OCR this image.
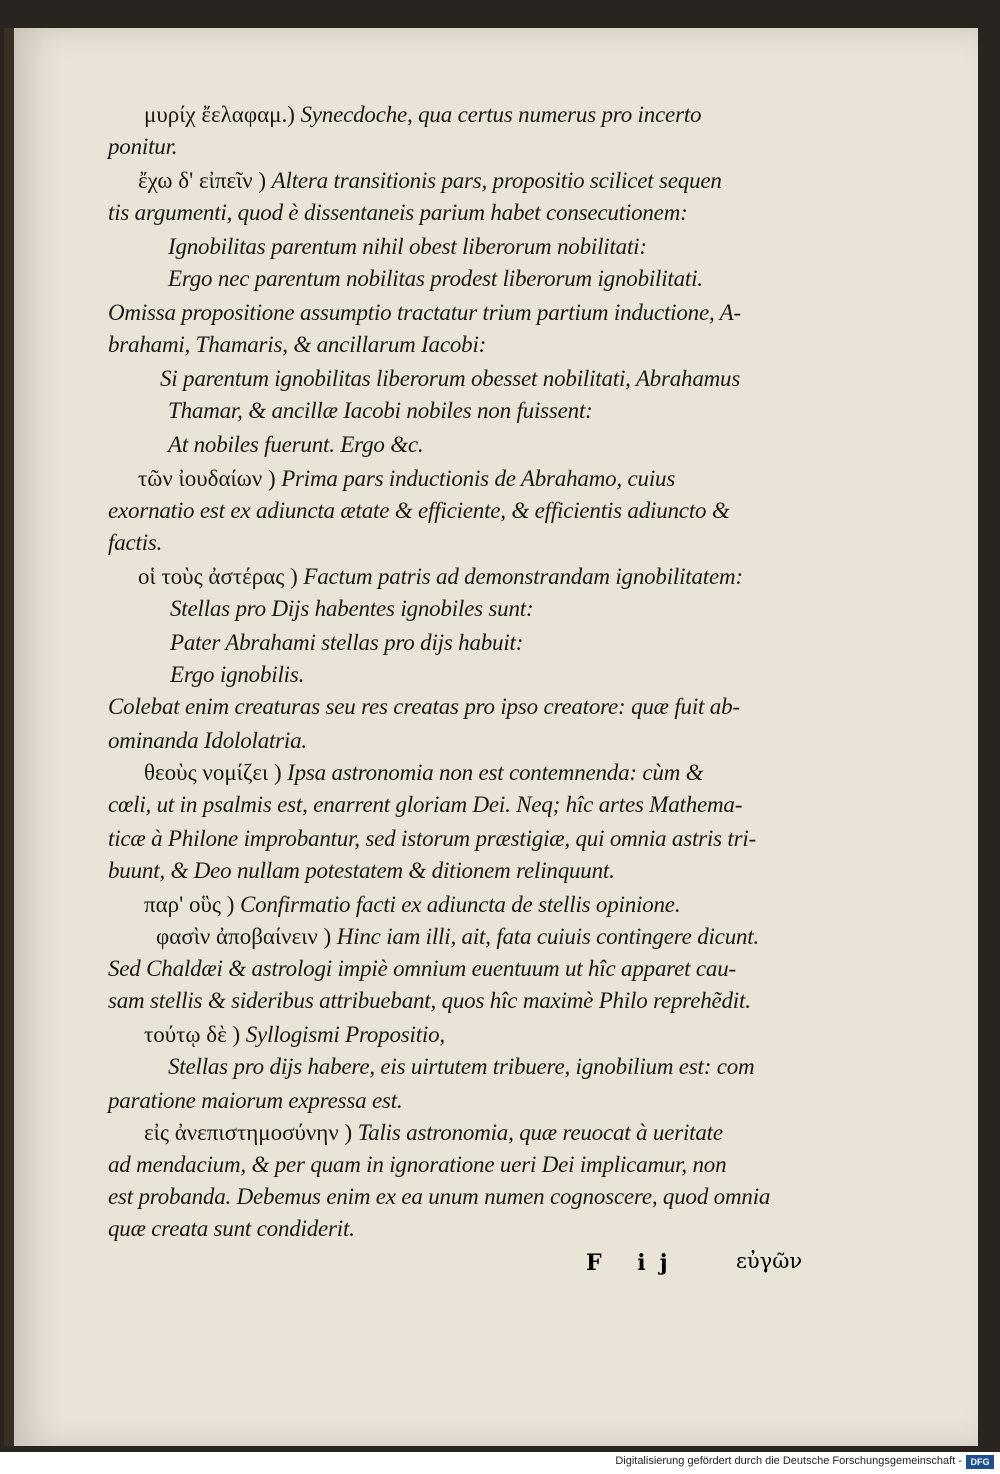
μυρίχ ἔελαφαμ.) Synecdoche, qua certus numerus pro incerto
ponitur.
ἔχω δ' εἰπεῖν ) Altera transitionis pars, propositio scilicet sequen
tis argumenti, quod è dissentaneis parium habet consecutionem:
Ignobilitas parentum nihil obest liberorum nobilitati:
Ergo nec parentum nobilitas prodest liberorum ignobilitati.
Omissa propositione assumptio tractatur trium partium inductione, A-
brahami, Thamaris, & ancillarum Iacobi:
Si parentum ignobilitas liberorum obesset nobilitati, Abrahamus
Thamar, & ancillæ Iacobi nobiles non fuissent:
At nobiles fuerunt. Ergo &c.
τῶν ἰουδαίων ) Prima pars inductionis de Abrahamo, cuius
exornatio est ex adiuncta ætate & efficiente, & efficientis adiuncto &
factis.
οἱ τοὺς ἀστέρας ) Factum patris ad demonstrandam ignobilitatem:
Stellas pro Dijs habentes ignobiles sunt:
Pater Abrahami stellas pro dijs habuit:
Ergo ignobilis.
Colebat enim creaturas seu res creatas pro ipso creatore: quæ fuit ab-
ominanda Idololatria.
θεοὺς νομίζει ) Ipsa astronomia non est contemnenda: cùm &
cœli, ut in psalmis est, enarrent gloriam Dei. Neq; hîc artes Mathema-
ticæ à Philone improbantur, sed istorum præstigiæ, qui omnia astris tri-
buunt, & Deo nullam potestatem & ditionem relinquunt.
παρ' οὓς ) Confirmatio facti ex adiuncta de stellis opinione.
φασὶν ἀποβαίνειν ) Hinc iam illi, ait, fata cuiuis contingere dicunt.
Sed Chaldæi & astrologi impiè omnium euentuum ut hîc apparet cau-
sam stellis & sideribus attribuebant, quos hîc maximè Philo reprehẽdit.
τούτῳ δὲ ) Syllogismi Propositio,
Stellas pro dijs habere, eis uirtutem tribuere, ignobilium est: com
paratione maiorum expressa est.
εἰς ἀνεπιστημοσύνην ) Talis astronomia, quæ reuocat à ueritate
ad mendacium, & per quam in ignoratione ueri Dei implicamur, non
est probanda. Debemus enim ex ea unum numen cognoscere, quod omnia
quæ creata sunt condiderit.
F ij	εὐγῶν
Digitalisierung gefördert durch die Deutsche Forschungsgemeinschaft - DFG
